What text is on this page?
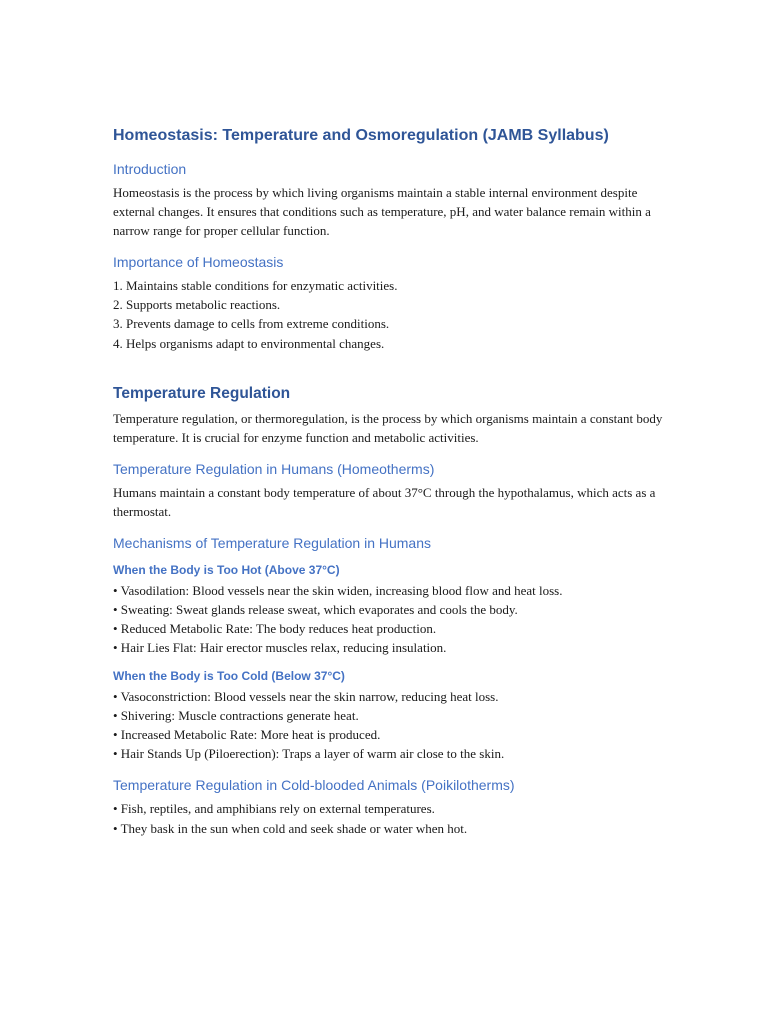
Homeostasis: Temperature and Osmoregulation (JAMB Syllabus)
Introduction

Homeostasis is the process by which living organisms maintain a stable internal environment despite external changes. It ensures that conditions such as temperature, pH, and water balance remain within a narrow range for proper cellular function.

Importance of Homeostasis
1. Maintains stable conditions for enzymatic activities.
2. Supports metabolic reactions.
3. Prevents damage to cells from extreme conditions.
4. Helps organisms adapt to environmental changes.
Temperature Regulation

Temperature regulation, or thermoregulation, is the process by which organisms maintain a constant body temperature. It is crucial for enzyme function and metabolic activities.

Temperature Regulation in Humans (Homeotherms)

Humans maintain a constant body temperature of about 37°C through the hypothalamus, which acts as a thermostat.

Mechanisms of Temperature Regulation in Humans
When the Body is Too Hot (Above 37°C)
• Vasodilation: Blood vessels near the skin widen, increasing blood flow and heat loss.
• Sweating: Sweat glands release sweat, which evaporates and cools the body.
• Reduced Metabolic Rate: The body reduces heat production.
• Hair Lies Flat: Hair erector muscles relax, reducing insulation.
When the Body is Too Cold (Below 37°C)
• Vasoconstriction: Blood vessels near the skin narrow, reducing heat loss.
• Shivering: Muscle contractions generate heat.
• Increased Metabolic Rate: More heat is produced.
• Hair Stands Up (Piloerection): Traps a layer of warm air close to the skin.
Temperature Regulation in Cold-blooded Animals (Poikilotherms)
• Fish, reptiles, and amphibians rely on external temperatures.
• They bask in the sun when cold and seek shade or water when hot.
